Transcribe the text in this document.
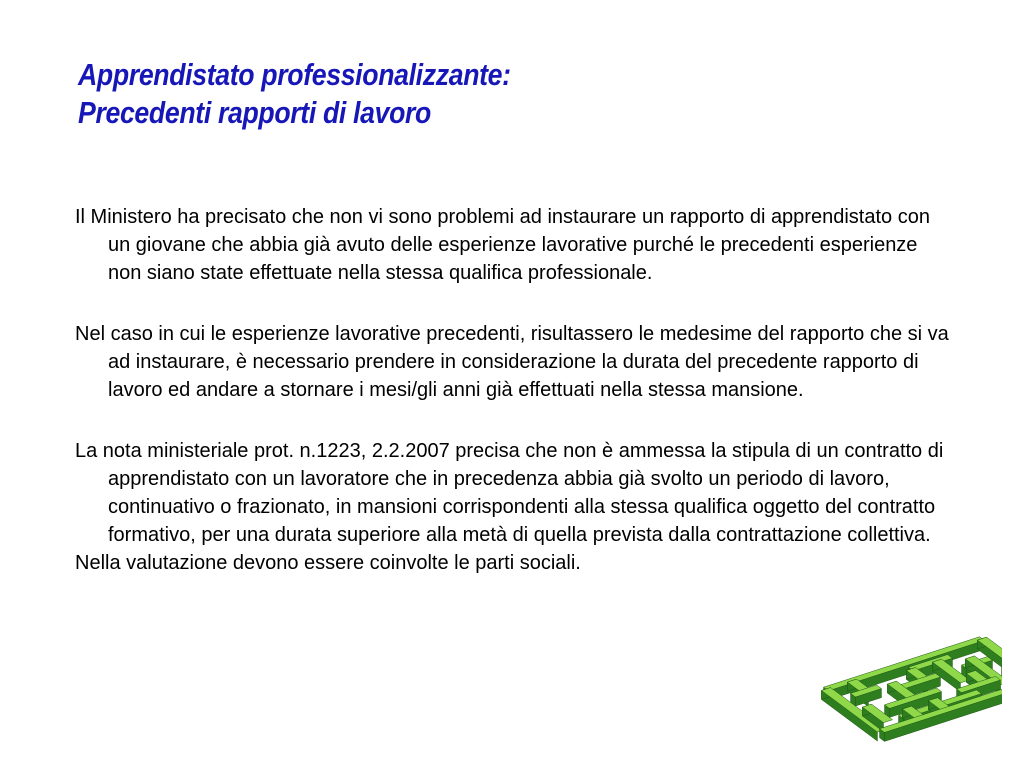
Apprendistato professionalizzante:
Precedenti rapporti di lavoro

Il Ministero ha precisato che non vi sono problemi ad instaurare un rapporto di apprendistato con un giovane che abbia già avuto delle esperienze lavorative purché le precedenti esperienze non siano state effettuate nella stessa qualifica professionale.

Nel caso in cui le esperienze lavorative precedenti, risultassero le medesime del rapporto che si va ad instaurare, è necessario prendere in considerazione la durata del precedente rapporto di lavoro ed andare a stornare i mesi/gli anni già effettuati nella stessa mansione.

La nota ministeriale prot. n.1223, 2.2.2007 precisa che non è ammessa la stipula di un contratto di apprendistato con un lavoratore che in precedenza abbia già svolto un periodo di lavoro, continuativo o frazionato, in mansioni corrispondenti alla stessa qualifica oggetto del contratto formativo, per una durata superiore alla metà di quella prevista dalla contrattazione collettiva.

Nella valutazione devono essere coinvolte le parti sociali.
